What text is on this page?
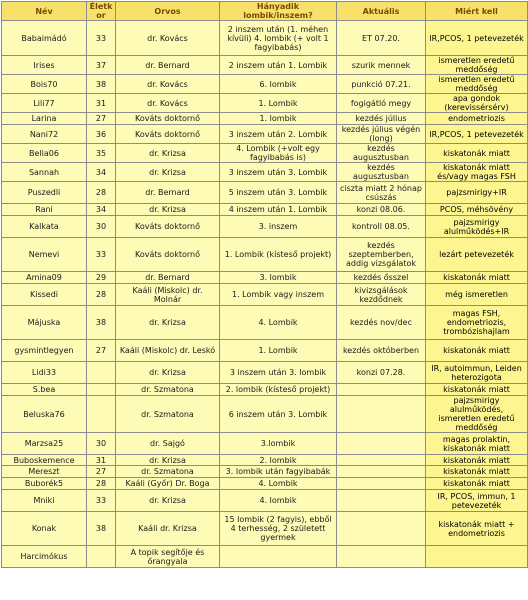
Név	Életkor	Orvos	Hányadik lombik/inszem?	Aktuális	Miért kell
Babaimádó	33	dr. Kovács	2 inszem után (1. méhen kívüli) 4. lombik (+ volt 1 fagyibabás)	ET 07.20.	IR,PCOS, 1 petevezeték
Irises	37	dr. Bernard	2 inszem után 1. Lombik	szurik mennek	ismeretlen eredetű meddőség
Bois70	38	dr. Kovács	6. lombik	punkció 07.21.	ismeretlen eredetű meddőség
Lili77	31	dr. Kovács	1. Lombik	fogigátló megy	apa gondok (kerevissérsérv)
Larina	27	Kováts doktornő	1. lombik	kezdés július	endometriozis
Nani72	36	Kováts doktornő	3 inszem után 2. Lombik	kezdés július végén (long)	IR,PCOS, 1 petevezeték
Bella06	35	dr. Krizsa	4. Lombik (+volt egy fagyibabás is)	kezdés augusztusban	kiskatonák miatt
Sannah	34	dr. Krizsa	3 inszem után 3. Lombik	kezdés augusztusban	kiskatonák miatt és/vagy magas FSH
Puszedli	28	dr. Bernard	5 inszem után 3. Lombik	ciszta miatt 2 hónap csúszás	pajzsmirigy+IR
Rani	34	dr. Krizsa	4 inszem után 1. Lombik	konzi 08.06.	PCOS, méhsövény
Kalkata	30	Kováts doktornő	3. inszem	kontroll 08.05.	pajzsmirigy alulműködés+IR
Nemevi	33	Kováts doktornő	1. Lombik (kísteső projekt)	kezdés szeptemberben, addig vizsgálatok	lezárt petevezeték
Amina09	29	dr. Bernard	3. lombik	kezdés ősszel	kiskatonák miatt
Kissedi	28	Kaáli (Miskolc) dr. Molnár	1. Lombik vagy inszem	kivizsgálások kezdődnek	még ismeretlen
Májuska	38	dr. Krizsa	4. Lombik	kezdés nov/dec	magas FSH, endometriozis, trombózishajlam
gysmintlegyen	27	Kaáli (Miskolc) dr. Leskó	1. Lombik	kezdés októberben	kiskatonák miatt
Lidi33		dr. Krizsa	3 inszem után 3. lombik	konzi 07.28.	IR, autoimmun, Leiden heterozigota
S.bea		dr. Szmatona	2. lombik (kísteső projekt)		kiskatonák miatt
Beluska76		dr. Szmatona	6 inszem után 3. Lombik		pajzsmirigy alulműködés, ismeretlen eredetű meddőség
Marzsa25	30	dr. Sajgó	3.lombik		magas prolaktin, kiskatonák miatt
Buboskemence	31	dr. Krizsa	2. lombik		kiskatonák miatt
Mereszt	27	dr. Szmatona	3. lombik után fagyibabák		kiskatonák miatt
Buborék5	28	Kaáli (Győr) Dr. Boga	4. Lombik		kiskatonák miatt
Mniki	33	dr. Krizsa	4. lombik		IR, PCOS, immun, 1 petevezeték
Konak	38	Kaáli dr. Krizsa	15 lombik (2 fagyis), ebből 4 terhesség, 2 született gyermek		kiskatonák miatt + endometriozis
Harcimókus		A topik segítője és őrangyala			
